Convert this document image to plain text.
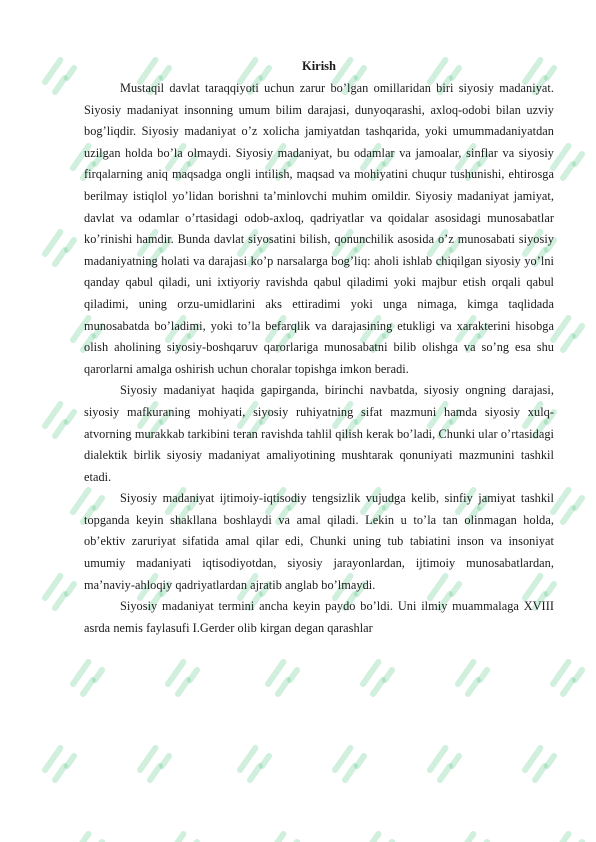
Kirish

Mustaqil davlat taraqqiyoti uchun zarur bo’lgan omillaridan biri siyosiy madaniyat. Siyosiy madaniyat insonning umum bilim darajasi, dunyoqarashi, axloq-odobi bilan uzviy bog’liqdir. Siyosiy madaniyat o’z xolicha jamiyatdan tashqarida, yoki umummadaniyatdan uzilgan holda bo’la olmaydi. Siyosiy madaniyat, bu odamlar va jamoalar, sinflar va siyosiy firqalarning aniq maqsadga ongli intilish, maqsad va mohiyatini chuqur tushunishi, ehtirosga berilmay istiqlol yo’lidan borishni ta’minlovchi muhim omildir. Siyosiy madaniyat jamiyat, davlat va odamlar o’rtasidagi odob-axloq, qadriyatlar va qoidalar asosidagi munosabatlar ko’rinishi hamdir. Bunda davlat siyosatini bilish, qonunchilik asosida o’z munosabati siyosiy madaniyatning holati va darajasi ko’p narsalarga bog’liq: aholi ishlab chiqilgan siyosiy yo’lni qanday qabul qiladi, uni ixtiyoriy ravishda qabul qiladimi yoki majbur etish orqali qabul qiladimi, uning orzu-umidlarini aks ettiradimi yoki unga nimaga, kimga taqlidada munosabatda bo’ladimi, yoki to’la befarqlik va darajasining etukligi va xarakterini hisobga olish aholining siyosiy-boshqaruv qarorlariga munosabatni bilib olishga va so’ng esa shu qarorlarni amalga oshirish uchun choralar topishga imkon beradi.

Siyosiy madaniyat haqida gapirganda, birinchi navbatda, siyosiy ongning darajasi, siyosiy mafkuraning mohiyati, siyosiy ruhiyatning sifat mazmuni hamda siyosiy xulq-atvorning murakkab tarkibini teran ravishda tahlil qilish kerak bo’ladi, Chunki ular o’rtasidagi dialektik birlik siyosiy madaniyat amaliyotining mushtarak qonuniyati mazmunini tashkil etadi.

Siyosiy madaniyat ijtimoiy-iqtisodiy tengsizlik vujudga kelib, sinfiy jamiyat tashkil topganda keyin shakllana boshlaydi va amal qiladi. Lekin u to’la tan olinmagan holda, ob’ektiv zaruriyat sifatida amal qilar edi, Chunki uning tub tabiatini inson va insoniyat umumiy madaniyati iqtisodiyotdan, siyosiy jarayonlardan, ijtimoiy munosabatlardan, ma’naviy-ahloqiy qadriyatlardan ajratib anglab bo’lmaydi.

Siyosiy madaniyat termini ancha keyin paydo bo’ldi. Uni ilmiy muammalaga XVIII asrda nemis faylasufi I.Gerder olib kirgan degan qarashlar
